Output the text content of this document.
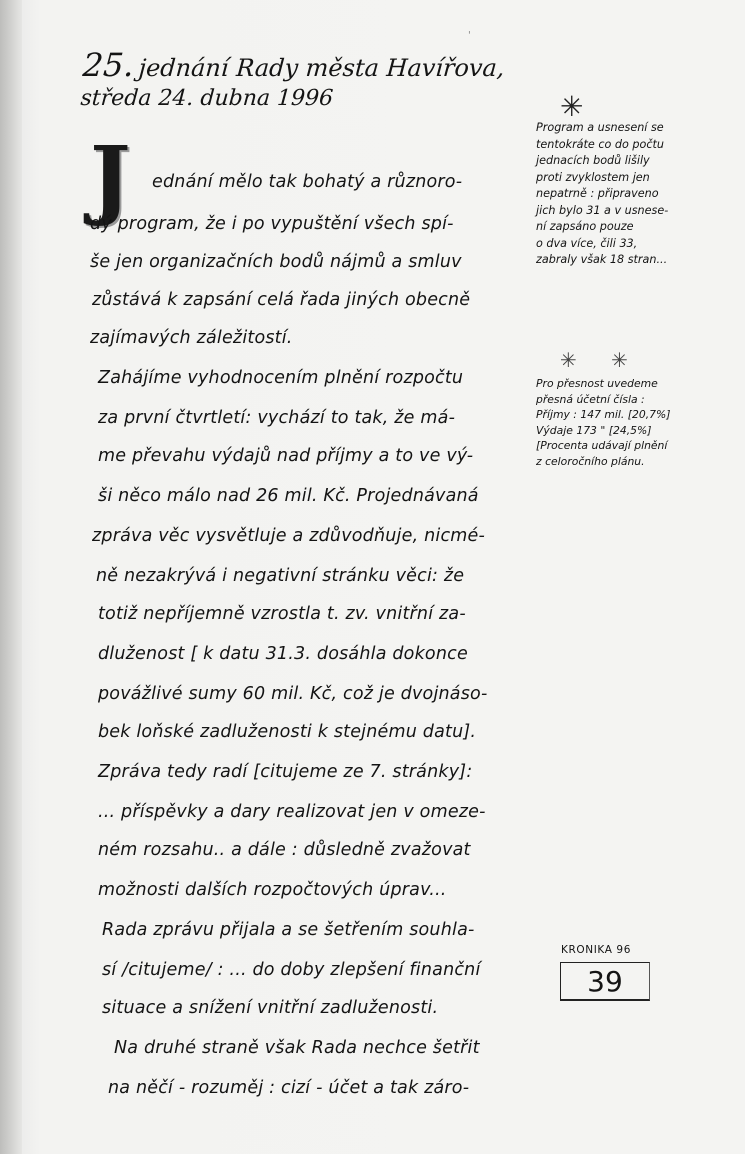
'
25. jednání Rady města Havířova,
středa 24. dubna 1996
J	ednání mělo tak bohatý a různoro-
dý program, že i po vypuštění všech spí-
še jen organizačních bodů nájmů a smluv
zůstává k zapsání celá řada jiných obecně
zajímavých záležitostí.
Zahájíme vyhodnocením plnění rozpočtu
za první čtvrtletí: vychází to tak, že má-
me převahu výdajů nad příjmy a to ve vý-
ši něco málo nad 26 mil. Kč. Projednávaná
zpráva věc vysvětluje a zdůvodňuje, nicmé-
ně nezakrývá i negativní stránku věci: že
totiž nepříjemně vzrostla t. zv. vnitřní za-
dluženost [ k datu 31.3. dosáhla dokonce
povážlivé sumy 60 mil. Kč, což je dvojnáso-
bek loňské zadluženosti k stejnému datu].
Zpráva tedy radí [citujeme ze 7. stránky]:
... příspěvky a dary realizovat jen v omeze-
ném rozsahu.. a dále : důsledně zvažovat
možnosti dalších rozpočtových úprav...
Rada zprávu přijala a se šetřením souhla-
sí /citujeme/ : ... do doby zlepšení finanční
situace a snížení vnitřní zadluženosti.
Na druhé straně však Rada nechce šetřit
na něčí - rozuměj : cizí - účet a tak záro-
✳
Program a usnesení se
tentokráte co do počtu
jednacích bodů lišily
proti zvyklostem jen
nepatrně : připraveno
jich bylo 31 a v usnese-
ní zapsáno pouze
o dva více, čili 33,
zabraly však 18 stran...
✳ ✳
Pro přesnost uvedeme
přesná účetní čísla :
Příjmy : 147 mil. [20,7%]
Výdaje 173 " [24,5%]
[Procenta udávají plnění
z celoročního plánu.
KRONIKA 96
39
